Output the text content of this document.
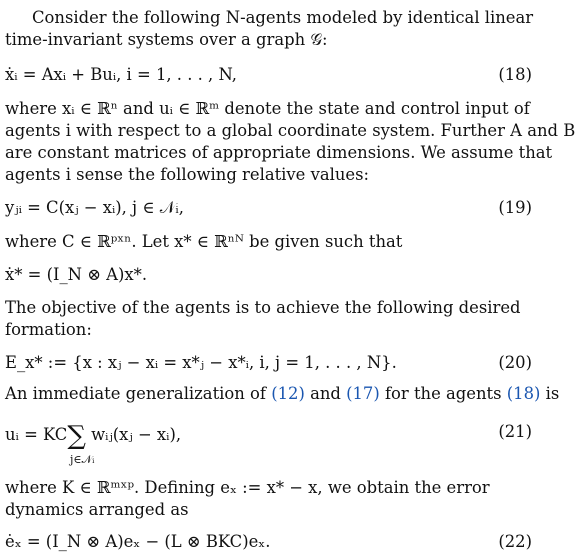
Consider the following N-agents modeled by identical linear
time-invariant systems over a graph 𝒢:
ẋᵢ = Axᵢ + Buᵢ, i = 1, . . . , N,	(18)
where xᵢ ∈ ℝⁿ and uᵢ ∈ ℝᵐ denote the state and control input of
agents i with respect to a global coordinate system. Further A and B
are constant matrices of appropriate dimensions. We assume that
agents i sense the following relative values:
yⱼᵢ = C(xⱼ − xᵢ), j ∈ 𝒩ᵢ,	(19)
where C ∈ ℝᵖˣⁿ. Let x* ∈ ℝⁿᴺ be given such that
ẋ* = (I_N ⊗ A)x*.
The objective of the agents is to achieve the following desired
formation:
E_x* := {x : xⱼ − xᵢ = x*ⱼ − x*ᵢ, i, j = 1, . . . , N}.	(20)
An immediate generalization of (12) and (17) for the agents (18) is
uᵢ = KC∑ wᵢⱼ(xⱼ − xᵢ),
j∈𝒩ᵢ
(21)
where K ∈ ℝᵐˣᵖ. Defining eₓ := x* − x, we obtain the error
dynamics arranged as
ėₓ = (I_N ⊗ A)eₓ − (L ⊗ BKC)eₓ.	(22)
